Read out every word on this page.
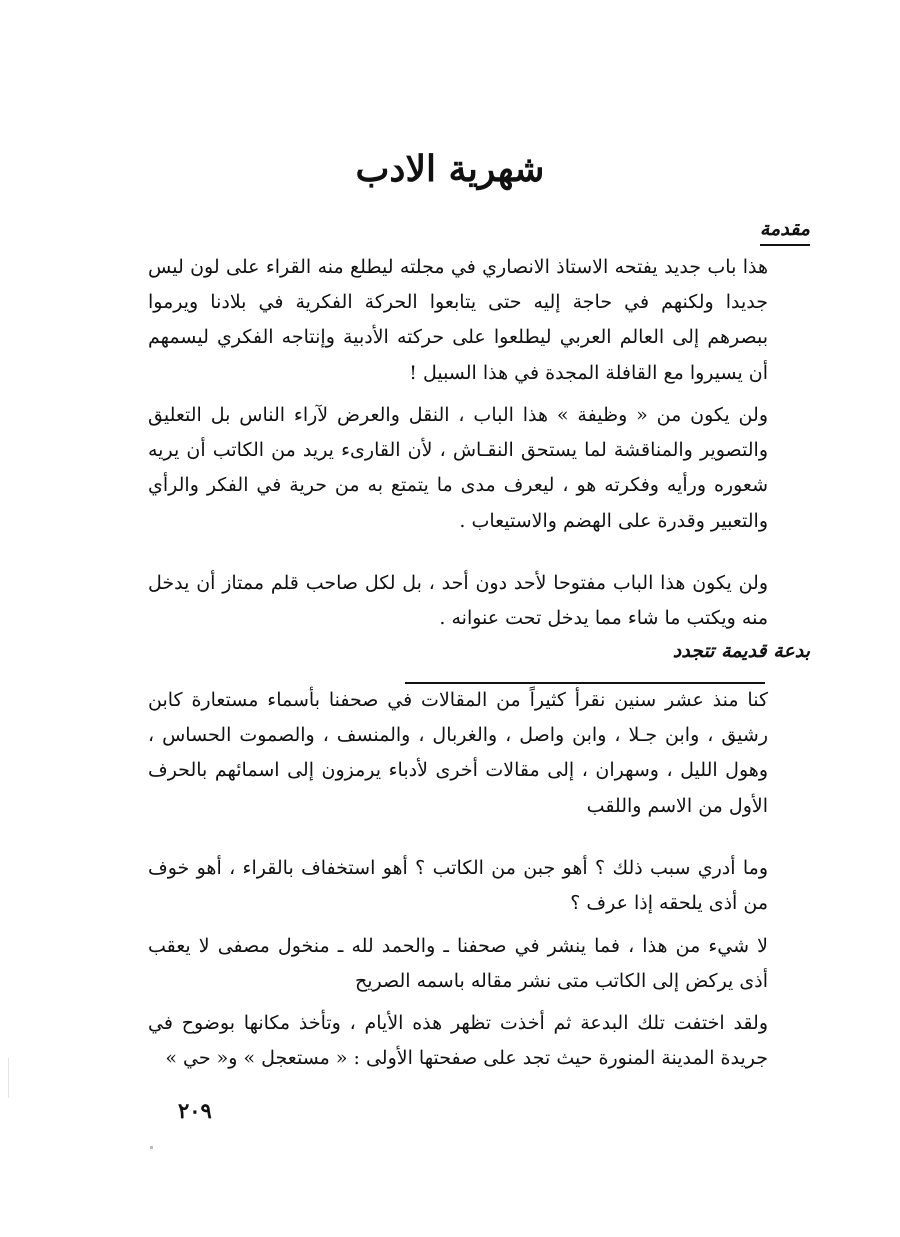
شهرية الادب
مقدمة
هذا باب جديد يفتحه الاستاذ الانصاري في مجلته ليطلع منه القراء على لون ليس جديدا ولكنهم في حاجة إليه حتى يتابعوا الحركة الفكرية في بلادنا ويرموا ببصرهم إلى العالم العربي ليطلعوا على حركته الأدبية وإنتاجه الفكري ليسمهم أن يسيروا مع القافلة المجدة في هذا السبيل !
ولن يكون من « وظيفة » هذا الباب ، النقل والعرض لآراء الناس بل التعليق والتصوير والمناقشة لما يستحق النقـاش ، لأن القارىء يريد من الكاتب أن يريه شعوره ورأيه وفكرته هو ، ليعرف مدى ما يتمتع به من حرية في الفكر والرأي والتعبير وقدرة على الهضم والاستيعاب .
ولن يكون هذا الباب مفتوحا لأحد دون أحد ، بل لكل صاحب قلم ممتاز أن يدخل منه ويكتب ما شاء مما يدخل تحت عنوانه .
بدعة قديمة تتجدد
كنا منذ عشر سنين نقرأ كثيراً من المقالات في صحفنا بأسماء مستعارة كابن رشيق ، وابن جـلا ، وابن واصل ، والغربال ، والمنسف ، والصموت الحساس ، وهول الليل ، وسهران ، إلى مقالات أخرى لأدباء يرمزون إلى اسمائهم بالحرف الأول من الاسم واللقب
وما أدري سبب ذلك ؟ أهو جبن من الكاتب ؟ أهو استخفاف بالقراء ، أهو خوف من أذى يلحقه إذا عرف ؟
لا شيء من هذا ، فما ينشر في صحفنا ـ والحمد لله ـ منخول مصفى لا يعقب أذى يركض إلى الكاتب متى نشر مقاله باسمه الصريح
ولقد اختفت تلك البدعة ثم أخذت تظهر هذه الأيام ، وتأخذ مكانها بوضوح في جريدة المدينة المنورة حيث تجد على صفحتها الأولى : « مستعجل » و« حي »
٢٠٩
